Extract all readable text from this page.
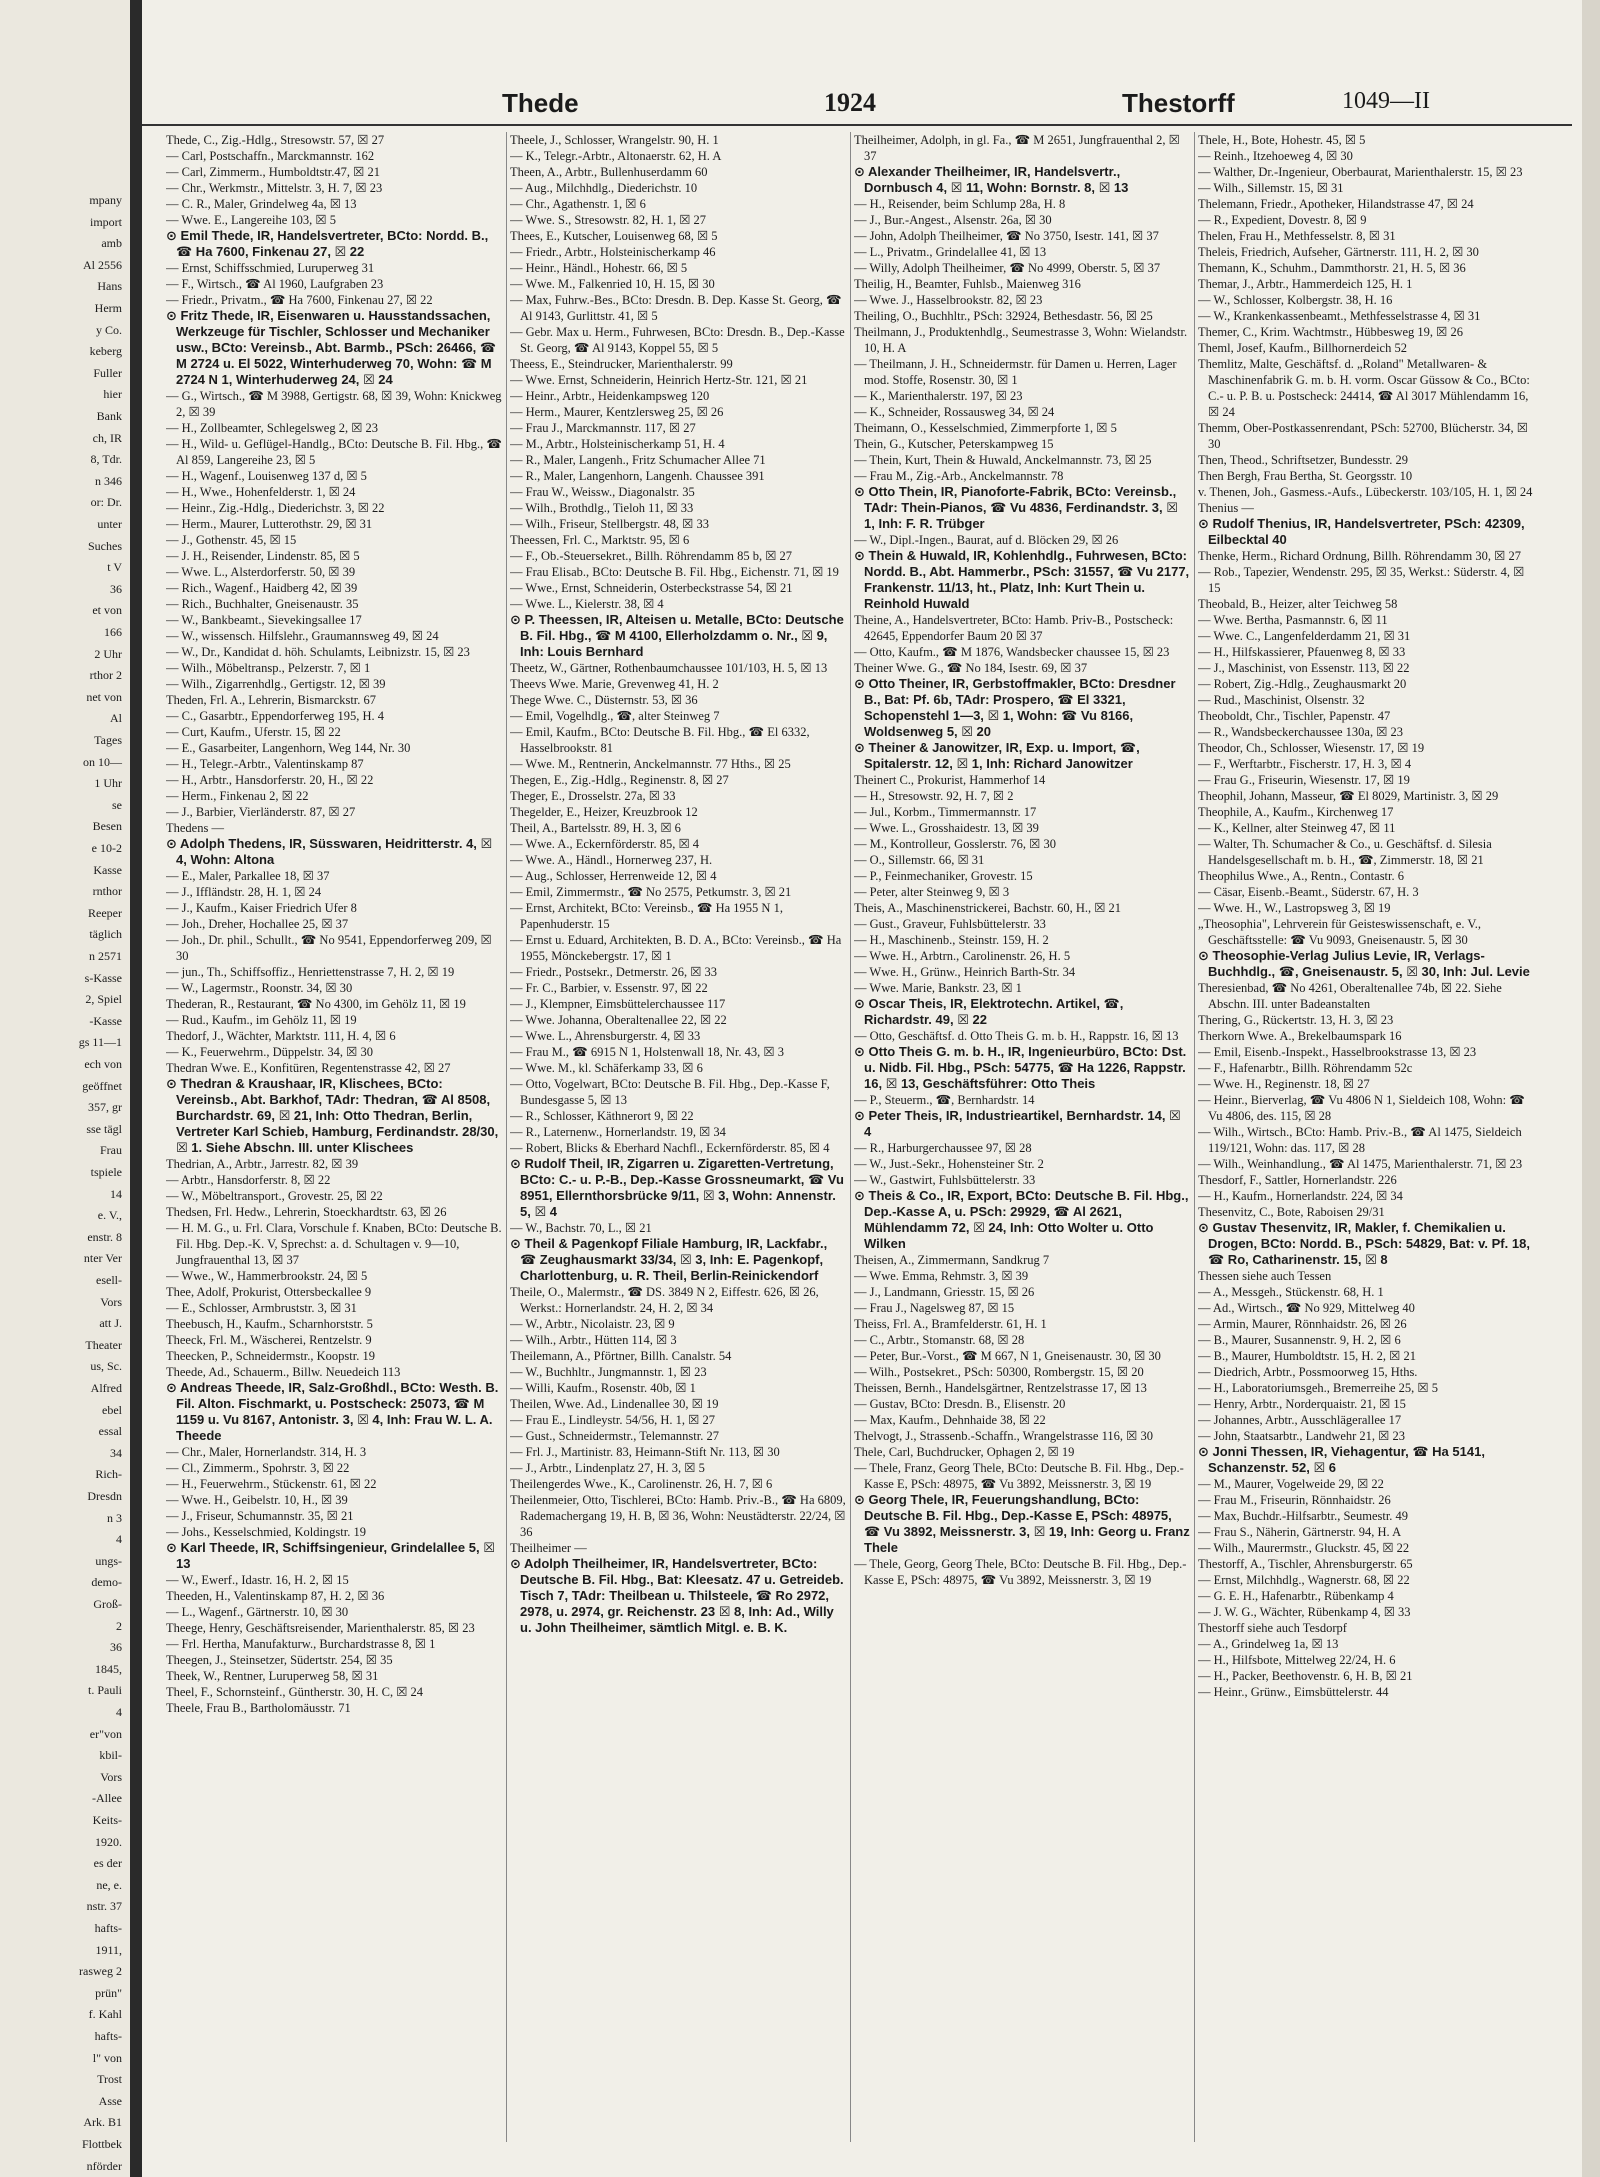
mpany
import
amb
Al 2556
Hans
Herm
y Co.
keberg
Fuller
hier
Bank
ch, IR
8, Tdr.
n 346
or: Dr.
unter
Suches
t V
36
et von
166
2 Uhr
rthor 2
net von
Al
Tages
on 10—
1 Uhr
se
Besen
e 10-2
Kasse
rnthor
Reeper
täglich
n 2571
s-Kasse
2, Spiel
-Kasse
gs 11—1
ech von
geöffnet
357, gr
sse tägl
Frau
tspiele
14
e. V.,
enstr. 8
nter Ver
esell-
Vors
att J.
Theater
us, Sc.
Alfred
ebel
essal
34
Rich-
Dresdn
n 3
4
ungs-
demo-
Groß-
2
36
1845,
t. Pauli
4
er"von
kbil-
Vors
-Allee
Keits-
1920.
es der
ne, e.
nstr. 37
hafts-
1911,
rasweg 2
prün"
f. Kahl
hafts-
l" von
Trost
Asse
Ark. B1
Flottbek
nförder
Thede	1924	Thestorff	1049—II

Thede, C., Zig.-Hdlg., Stresowstr. 57, ☒ 27

— Carl, Postschaffn., Marckmannstr. 162

— Carl, Zimmerm., Humboldtstr.47, ☒ 21

— Chr., Werkmstr., Mittelstr. 3, H. 7, ☒ 23

— C. R., Maler, Grindelweg 4a, ☒ 13

— Wwe. E., Langereihe 103, ☒ 5

⊙ Emil Thede, IR, Handelsvertreter, BCto: Nordd. B., ☎ Ha 7600, Finkenau 27, ☒ 22

— Ernst, Schiffsschmied, Luruperweg 31

— F., Wirtsch., ☎ Al 1960, Laufgraben 23

— Friedr., Privatm., ☎ Ha 7600, Finkenau 27, ☒ 22

⊙ Fritz Thede, IR, Eisenwaren u. Hausstandssachen, Werkzeuge für Tischler, Schlosser und Mechaniker usw., BCto: Vereinsb., Abt. Barmb., PSch: 26466, ☎ M 2724 u. El 5022, Winterhuderweg 70, Wohn: ☎ M 2724 N 1, Winterhuderweg 24, ☒ 24

— G., Wirtsch., ☎ M 3988, Gertigstr. 68, ☒ 39, Wohn: Knickweg 2, ☒ 39

— H., Zollbeamter, Schlegelsweg 2, ☒ 23

— H., Wild- u. Geflügel-Handlg., BCto: Deutsche B. Fil. Hbg., ☎ Al 859, Langereihe 23, ☒ 5

— H., Wagenf., Louisenweg 137 d, ☒ 5

— H., Wwe., Hohenfelderstr. 1, ☒ 24

— Heinr., Zig.-Hdlg., Diederichstr. 3, ☒ 22

— Herm., Maurer, Lutterothstr. 29, ☒ 31

— J., Gothenstr. 45, ☒ 15

— J. H., Reisender, Lindenstr. 85, ☒ 5

— Wwe. L., Alsterdorferstr. 50, ☒ 39

— Rich., Wagenf., Haidberg 42, ☒ 39

— Rich., Buchhalter, Gneisenaustr. 35

— W., Bankbeamt., Sievekingsallee 17

— W., wissensch. Hilfslehr., Graumannsweg 49, ☒ 24

— W., Dr., Kandidat d. höh. Schulamts, Leibnizstr. 15, ☒ 23

— Wilh., Möbeltransp., Pelzerstr. 7, ☒ 1

— Wilh., Zigarrenhdlg., Gertigstr. 12, ☒ 39

Theden, Frl. A., Lehrerin, Bismarckstr. 67

— C., Gasarbtr., Eppendorferweg 195, H. 4

— Curt, Kaufm., Uferstr. 15, ☒ 22

— E., Gasarbeiter, Langenhorn, Weg 144, Nr. 30

— H., Telegr.-Arbtr., Valentinskamp 87

— H., Arbtr., Hansdorferstr. 20, H., ☒ 22

— Herm., Finkenau 2, ☒ 22

— J., Barbier, Vierländerstr. 87, ☒ 27

Thedens —

⊙ Adolph Thedens, IR, Süsswaren, Heidritterstr. 4, ☒ 4, Wohn: Altona

— E., Maler, Parkallee 18, ☒ 37

— J., Iffländstr. 28, H. 1, ☒ 24

— J., Kaufm., Kaiser Friedrich Ufer 8

— Joh., Dreher, Hochallee 25, ☒ 37

— Joh., Dr. phil., Schullt., ☎ No 9541, Eppendorferweg 209, ☒ 30

— jun., Th., Schiffsoffiz., Henriettenstrasse 7, H. 2, ☒ 19

— W., Lagermstr., Roonstr. 34, ☒ 30

Thederan, R., Restaurant, ☎ No 4300, im Gehölz 11, ☒ 19

— Rud., Kaufm., im Gehölz 11, ☒ 19

Thedorf, J., Wächter, Marktstr. 111, H. 4, ☒ 6

— K., Feuerwehrm., Düppelstr. 34, ☒ 30

Thedran Wwe. E., Konfitüren, Regentenstrasse 42, ☒ 27

⊙ Thedran & Kraushaar, IR, Klischees, BCto: Vereinsb., Abt. Barkhof, TAdr: Thedran, ☎ Al 8508, Burchardstr. 69, ☒ 21, Inh: Otto Thedran, Berlin, Vertreter Karl Schieb, Hamburg, Ferdinandstr. 28/30, ☒ 1. Siehe Abschn. III. unter Klischees

Thedrian, A., Arbtr., Jarrestr. 82, ☒ 39

— Arbtr., Hansdorferstr. 8, ☒ 22

— W., Möbeltransport., Grovestr. 25, ☒ 22

Thedsen, Frl. Hedw., Lehrerin, Stoeckhardtstr. 63, ☒ 26

— H. M. G., u. Frl. Clara, Vorschule f. Knaben, BCto: Deutsche B. Fil. Hbg. Dep.-K. V, Sprechst: a. d. Schultagen v. 9—10, Jungfrauenthal 13, ☒ 37

— Wwe., W., Hammerbrookstr. 24, ☒ 5

Thee, Adolf, Prokurist, Ottersbeckallee 9

— E., Schlosser, Armbruststr. 3, ☒ 31

Theebusch, H., Kaufm., Scharnhorststr. 5

Theeck, Frl. M., Wäscherei, Rentzelstr. 9

Theecken, P., Schneidermstr., Koopstr. 19

Theede, Ad., Schauerm., Billw. Neuedeich 113

⊙ Andreas Theede, IR, Salz-Großhdl., BCto: Westh. B. Fil. Alton. Fischmarkt, u. Postscheck: 25073, ☎ M 1159 u. Vu 8167, Antonistr. 3, ☒ 4, Inh: Frau W. L. A. Theede

— Chr., Maler, Hornerlandstr. 314, H. 3

— Cl., Zimmerm., Spohrstr. 3, ☒ 22

— H., Feuerwehrm., Stückenstr. 61, ☒ 22

— Wwe. H., Geibelstr. 10, H., ☒ 39

— J., Friseur, Schumannstr. 35, ☒ 21

— Johs., Kesselschmied, Koldingstr. 19

⊙ Karl Theede, IR, Schiffsingenieur, Grindelallee 5, ☒ 13

— W., Ewerf., Idastr. 16, H. 2, ☒ 15

Theeden, H., Valentinskamp 87, H. 2, ☒ 36

— L., Wagenf., Gärtnerstr. 10, ☒ 30

Theege, Henry, Geschäftsreisender, Marienthalerstr. 85, ☒ 23

— Frl. Hertha, Manufakturw., Burchardstrasse 8, ☒ 1

Theegen, J., Steinsetzer, Südertstr. 254, ☒ 35

Theek, W., Rentner, Luruperweg 58, ☒ 31

Theel, F., Schornsteinf., Güntherstr. 30, H. C, ☒ 24

Theele, Frau B., Bartholomäusstr. 71

Theele, J., Schlosser, Wrangelstr. 90, H. 1

— K., Telegr.-Arbtr., Altonaerstr. 62, H. A

Theen, A., Arbtr., Bullenhuserdamm 60

— Aug., Milchhdlg., Diederichstr. 10

— Chr., Agathenstr. 1, ☒ 6

— Wwe. S., Stresowstr. 82, H. 1, ☒ 27

Thees, E., Kutscher, Louisenweg 68, ☒ 5

— Friedr., Arbtr., Holsteinischerkamp 46

— Heinr., Händl., Hohestr. 66, ☒ 5

— Wwe. M., Falkenried 10, H. 15, ☒ 30

— Max, Fuhrw.-Bes., BCto: Dresdn. B. Dep. Kasse St. Georg, ☎ Al 9143, Gurlittstr. 41, ☒ 5

— Gebr. Max u. Herm., Fuhrwesen, BCto: Dresdn. B., Dep.-Kasse St. Georg, ☎ Al 9143, Koppel 55, ☒ 5

Theess, E., Steindrucker, Marienthalerstr. 99

— Wwe. Ernst, Schneiderin, Heinrich Hertz-Str. 121, ☒ 21

— Heinr., Arbtr., Heidenkampsweg 120

— Herm., Maurer, Kentzlersweg 25, ☒ 26

— Frau J., Marckmannstr. 117, ☒ 27

— M., Arbtr., Holsteinischerkamp 51, H. 4

— R., Maler, Langenh., Fritz Schumacher Allee 71

— R., Maler, Langenhorn, Langenh. Chaussee 391

— Frau W., Weissw., Diagonalstr. 35

— Wilh., Brothdlg., Tieloh 11, ☒ 33

— Wilh., Friseur, Stellbergstr. 48, ☒ 33

Theessen, Frl. C., Marktstr. 95, ☒ 6

— F., Ob.-Steuersekret., Billh. Röhrendamm 85 b, ☒ 27

— Frau Elisab., BCto: Deutsche B. Fil. Hbg., Eichenstr. 71, ☒ 19

— Wwe., Ernst, Schneiderin, Osterbeckstrasse 54, ☒ 21

— Wwe. L., Kielerstr. 38, ☒ 4

⊙ P. Theessen, IR, Alteisen u. Metalle, BCto: Deutsche B. Fil. Hbg., ☎ M 4100, Ellerholzdamm o. Nr., ☒ 9, Inh: Louis Bernhard

Theetz, W., Gärtner, Rothenbaumchaussee 101/103, H. 5, ☒ 13

Theevs Wwe. Marie, Grevenweg 41, H. 2

Thege Wwe. C., Düsternstr. 53, ☒ 36

— Emil, Vogelhdlg., ☎, alter Steinweg 7

— Emil, Kaufm., BCto: Deutsche B. Fil. Hbg., ☎ El 6332, Hasselbrookstr. 81

— Wwe. M., Rentnerin, Anckelmannstr. 77 Hths., ☒ 25

Thegen, E., Zig.-Hdlg., Reginenstr. 8, ☒ 27

Theger, E., Drosselstr. 27a, ☒ 33

Thegelder, E., Heizer, Kreuzbrook 12

Theil, A., Bartelsstr. 89, H. 3, ☒ 6

— Wwe. A., Eckernförderstr. 85, ☒ 4

— Wwe. A., Händl., Hornerweg 237, H.

— Aug., Schlosser, Herrenweide 12, ☒ 4

— Emil, Zimmermstr., ☎ No 2575, Petkumstr. 3, ☒ 21

— Ernst, Architekt, BCto: Vereinsb., ☎ Ha 1955 N 1, Papenhuderstr. 15

— Ernst u. Eduard, Architekten, B. D. A., BCto: Vereinsb., ☎ Ha 1955, Mönckebergstr. 17, ☒ 1

— Friedr., Postsekr., Detmerstr. 26, ☒ 33

— Fr. C., Barbier, v. Essenstr. 97, ☒ 22

— J., Klempner, Eimsbüttelerchaussee 117

— Wwe. Johanna, Oberaltenallee 22, ☒ 22

— Wwe. L., Ahrensburgerstr. 4, ☒ 33

— Frau M., ☎ 6915 N 1, Holstenwall 18, Nr. 43, ☒ 3

— Wwe. M., kl. Schäferkamp 33, ☒ 6

— Otto, Vogelwart, BCto: Deutsche B. Fil. Hbg., Dep.-Kasse F, Bundesgasse 5, ☒ 13

— R., Schlosser, Käthnerort 9, ☒ 22

— R., Laternenw., Hornerlandstr. 19, ☒ 34

— Robert, Blicks & Eberhard Nachfl., Eckernförderstr. 85, ☒ 4

⊙ Rudolf Theil, IR, Zigarren u. Zigaretten-Vertretung, BCto: C.- u. P.-B., Dep.-Kasse Grossneumarkt, ☎ Vu 8951, Ellernthorsbrücke 9/11, ☒ 3, Wohn: Annenstr. 5, ☒ 4

— W., Bachstr. 70, L., ☒ 21

⊙ Theil & Pagenkopf Filiale Hamburg, IR, Lackfabr., ☎ Zeughausmarkt 33/34, ☒ 3, Inh: E. Pagenkopf, Charlottenburg, u. R. Theil, Berlin-Reinickendorf

Theile, O., Malermstr., ☎ DS. 3849 N 2, Eiffestr. 626, ☒ 26, Werkst.: Hornerlandstr. 24, H. 2, ☒ 34

— W., Arbtr., Nicolaistr. 23, ☒ 9

— Wilh., Arbtr., Hütten 114, ☒ 3

Theilemann, A., Pförtner, Billh. Canalstr. 54

— W., Buchhltr., Jungmannstr. 1, ☒ 23

— Willi, Kaufm., Rosenstr. 40b, ☒ 1

Theilen, Wwe. Ad., Lindenallee 30, ☒ 19

— Frau E., Lindleystr. 54/56, H. 1, ☒ 27

— Gust., Schneidermstr., Telemannstr. 27

— Frl. J., Martinistr. 83, Heimann-Stift Nr. 113, ☒ 30

— J., Arbtr., Lindenplatz 27, H. 3, ☒ 5

Theilengerdes Wwe., K., Carolinenstr. 26, H. 7, ☒ 6

Theilenmeier, Otto, Tischlerei, BCto: Hamb. Priv.-B., ☎ Ha 6809, Rademachergang 19, H. B, ☒ 36, Wohn: Neustädterstr. 22/24, ☒ 36

Theilheimer —

⊙ Adolph Theilheimer, IR, Handelsvertreter, BCto: Deutsche B. Fil. Hbg., Bat: Kleesatz. 47 u. Getreideb. Tisch 7, TAdr: Theilbean u. Thilsteele, ☎ Ro 2972, 2978, u. 2974, gr. Reichenstr. 23 ☒ 8, Inh: Ad., Willy u. John Theilheimer, sämtlich Mitgl. e. B. K.

Theilheimer, Adolph, in gl. Fa., ☎ M 2651, Jungfrauenthal 2, ☒ 37

⊙ Alexander Theilheimer, IR, Handelsvertr., Dornbusch 4, ☒ 11, Wohn: Bornstr. 8, ☒ 13

— H., Reisender, beim Schlump 28a, H. 8

— J., Bur.-Angest., Alsenstr. 26a, ☒ 30

— John, Adolph Theilheimer, ☎ No 3750, Isestr. 141, ☒ 37

— L., Privatm., Grindelallee 41, ☒ 13

— Willy, Adolph Theilheimer, ☎ No 4999, Oberstr. 5, ☒ 37

Theilig, H., Beamter, Fuhlsb., Maienweg 316

— Wwe. J., Hasselbrookstr. 82, ☒ 23

Theiling, O., Buchhltr., PSch: 32924, Bethesdastr. 56, ☒ 25

Theilmann, J., Produktenhdlg., Seumestrasse 3, Wohn: Wielandstr. 10, H. A

— Theilmann, J. H., Schneidermstr. für Damen u. Herren, Lager mod. Stoffe, Rosenstr. 30, ☒ 1

— K., Marienthalerstr. 197, ☒ 23

— K., Schneider, Rossausweg 34, ☒ 24

Theimann, O., Kesselschmied, Zimmerpforte 1, ☒ 5

Thein, G., Kutscher, Peterskampweg 15

— Thein, Kurt, Thein & Huwald, Anckelmannstr. 73, ☒ 25

— Frau M., Zig.-Arb., Anckelmannstr. 78

⊙ Otto Thein, IR, Pianoforte-Fabrik, BCto: Vereinsb., TAdr: Thein-Pianos, ☎ Vu 4836, Ferdinandstr. 3, ☒ 1, Inh: F. R. Trübger

— W., Dipl.-Ingen., Baurat, auf d. Blöcken 29, ☒ 26

⊙ Thein & Huwald, IR, Kohlenhdlg., Fuhrwesen, BCto: Nordd. B., Abt. Hammerbr., PSch: 31557, ☎ Vu 2177, Frankenstr. 11/13, ht., Platz, Inh: Kurt Thein u. Reinhold Huwald

Theine, A., Handelsvertreter, BCto: Hamb. Priv-B., Postscheck: 42645, Eppendorfer Baum 20 ☒ 37

— Otto, Kaufm., ☎ M 1876, Wandsbecker chaussee 15, ☒ 23

Theiner Wwe. G., ☎ No 184, Isestr. 69, ☒ 37

⊙ Otto Theiner, IR, Gerbstoffmakler, BCto: Dresdner B., Bat: Pf. 6b, TAdr: Prospero, ☎ El 3321, Schopenstehl 1—3, ☒ 1, Wohn: ☎ Vu 8166, Woldsenweg 5, ☒ 20

⊙ Theiner & Janowitzer, IR, Exp. u. Import, ☎, Spitalerstr. 12, ☒ 1, Inh: Richard Janowitzer

Theinert C., Prokurist, Hammerhof 14

— H., Stresowstr. 92, H. 7, ☒ 2

— Jul., Korbm., Timmermannstr. 17

— Wwe. L., Grosshaidestr. 13, ☒ 39

— M., Kontrolleur, Gosslerstr. 76, ☒ 30

— O., Sillemstr. 66, ☒ 31

— P., Feinmechaniker, Grovestr. 15

— Peter, alter Steinweg 9, ☒ 3

Theis, A., Maschinenstrickerei, Bachstr. 60, H., ☒ 21

— Gust., Graveur, Fuhlsbüttelerstr. 33

— H., Maschinenb., Steinstr. 159, H. 2

— Wwe. H., Arbtrn., Carolinenstr. 26, H. 5

— Wwe. H., Grünw., Heinrich Barth-Str. 34

— Wwe. Marie, Bankstr. 23, ☒ 1

⊙ Oscar Theis, IR, Elektrotechn. Artikel, ☎, Richardstr. 49, ☒ 22

— Otto, Geschäftsf. d. Otto Theis G. m. b. H., Rappstr. 16, ☒ 13

⊙ Otto Theis G. m. b. H., IR, Ingenieurbüro, BCto: Dst. u. Nidb. Fil. Hbg., PSch: 54775, ☎ Ha 1226, Rappstr. 16, ☒ 13, Geschäftsführer: Otto Theis

— P., Steuerm., ☎, Bernhardstr. 14

⊙ Peter Theis, IR, Industrieartikel, Bernhardstr. 14, ☒ 4

— R., Harburgerchaussee 97, ☒ 28

— W., Just.-Sekr., Hohensteiner Str. 2

— W., Gastwirt, Fuhlsbüttelerstr. 33

⊙ Theis & Co., IR, Export, BCto: Deutsche B. Fil. Hbg., Dep.-Kasse A, u. PSch: 29929, ☎ Al 2621, Mühlendamm 72, ☒ 24, Inh: Otto Wolter u. Otto Wilken

Theisen, A., Zimmermann, Sandkrug 7

— Wwe. Emma, Rehmstr. 3, ☒ 39

— J., Landmann, Griesstr. 15, ☒ 26

— Frau J., Nagelsweg 87, ☒ 15

Theiss, Frl. A., Bramfelderstr. 61, H. 1

— C., Arbtr., Stomanstr. 68, ☒ 28

— Peter, Bur.-Vorst., ☎ M 667, N 1, Gneisenaustr. 30, ☒ 30

— Wilh., Postsekret., PSch: 50300, Rombergstr. 15, ☒ 20

Theissen, Bernh., Handelsgärtner, Rentzelstrasse 17, ☒ 13

— Gustav, BCto: Dresdn. B., Elisenstr. 20

— Max, Kaufm., Dehnhaide 38, ☒ 22

Thelvogt, J., Strassenb.-Schaffn., Wrangelstrasse 116, ☒ 30

Thele, Carl, Buchdrucker, Ophagen 2, ☒ 19

— Thele, Franz, Georg Thele, BCto: Deutsche B. Fil. Hbg., Dep.-Kasse E, PSch: 48975, ☎ Vu 3892, Meissnerstr. 3, ☒ 19

⊙ Georg Thele, IR, Feuerungshandlung, BCto: Deutsche B. Fil. Hbg., Dep.-Kasse E, PSch: 48975, ☎ Vu 3892, Meissnerstr. 3, ☒ 19, Inh: Georg u. Franz Thele

— Thele, Georg, Georg Thele, BCto: Deutsche B. Fil. Hbg., Dep.-Kasse E, PSch: 48975, ☎ Vu 3892, Meissnerstr. 3, ☒ 19

Thele, H., Bote, Hohestr. 45, ☒ 5

— Reinh., Itzehoeweg 4, ☒ 30

— Walther, Dr.-Ingenieur, Oberbaurat, Marienthalerstr. 15, ☒ 23

— Wilh., Sillemstr. 15, ☒ 31

Thelemann, Friedr., Apotheker, Hilandstrasse 47, ☒ 24

— R., Expedient, Dovestr. 8, ☒ 9

Thelen, Frau H., Methfesselstr. 8, ☒ 31

Theleis, Friedrich, Aufseher, Gärtnerstr. 111, H. 2, ☒ 30

Themann, K., Schuhm., Dammthorstr. 21, H. 5, ☒ 36

Themar, J., Arbtr., Hammerdeich 125, H. 1

— W., Schlosser, Kolbergstr. 38, H. 16

— W., Krankenkassenbeamt., Methfesselstrasse 4, ☒ 31

Themer, C., Krim. Wachtmstr., Hübbesweg 19, ☒ 26

Theml, Josef, Kaufm., Billhornerdeich 52

Themlitz, Malte, Geschäftsf. d. „Roland" Metallwaren- & Maschinenfabrik G. m. b. H. vorm. Oscar Güssow & Co., BCto: C.- u. P. B. u. Postscheck: 24414, ☎ Al 3017 Mühlendamm 16, ☒ 24

Themm, Ober-Postkassenrendant, PSch: 52700, Blücherstr. 34, ☒ 30

Then, Theod., Schriftsetzer, Bundesstr. 29

Then Bergh, Frau Bertha, St. Georgsstr. 10

v. Thenen, Joh., Gasmess.-Aufs., Lübeckerstr. 103/105, H. 1, ☒ 24

Thenius —

⊙ Rudolf Thenius, IR, Handelsvertreter, PSch: 42309, Eilbecktal 40

Thenke, Herm., Richard Ordnung, Billh. Röhrendamm 30, ☒ 27

— Rob., Tapezier, Wendenstr. 295, ☒ 35, Werkst.: Süderstr. 4, ☒ 15

Theobald, B., Heizer, alter Teichweg 58

— Wwe. Bertha, Pasmannstr. 6, ☒ 11

— Wwe. C., Langenfelderdamm 21, ☒ 31

— H., Hilfskassierer, Pfauenweg 8, ☒ 33

— J., Maschinist, von Essenstr. 113, ☒ 22

— Robert, Zig.-Hdlg., Zeughausmarkt 20

— Rud., Maschinist, Olsenstr. 32

Theoboldt, Chr., Tischler, Papenstr. 47

— R., Wandsbeckerchaussee 130a, ☒ 23

Theodor, Ch., Schlosser, Wiesenstr. 17, ☒ 19

— F., Werftarbtr., Fischerstr. 17, H. 3, ☒ 4

— Frau G., Friseurin, Wiesenstr. 17, ☒ 19

Theophil, Johann, Masseur, ☎ El 8029, Martinistr. 3, ☒ 29

Theophile, A., Kaufm., Kirchenweg 17

— K., Kellner, alter Steinweg 47, ☒ 11

— Walter, Th. Schumacher & Co., u. Geschäftsf. d. Silesia Handelsgesellschaft m. b. H., ☎, Zimmerstr. 18, ☒ 21

Theophilus Wwe., A., Rentn., Contastr. 6

— Cäsar, Eisenb.-Beamt., Süderstr. 67, H. 3

— Wwe. H., W., Lastropsweg 3, ☒ 19

„Theosophia", Lehrverein für Geisteswissenschaft, e. V., Geschäftsstelle: ☎ Vu 9093, Gneisenaustr. 5, ☒ 30

⊙ Theosophie-Verlag Julius Levie, IR, Verlags-Buchhdlg., ☎, Gneisenaustr. 5, ☒ 30, Inh: Jul. Levie

Theresienbad, ☎ No 4261, Oberaltenallee 74b, ☒ 22. Siehe Abschn. III. unter Badeanstalten

Thering, G., Rückertstr. 13, H. 3, ☒ 23

Therkorn Wwe. A., Brekelbaumspark 16

— Emil, Eisenb.-Inspekt., Hasselbrookstrasse 13, ☒ 23

— F., Hafenarbtr., Billh. Röhrendamm 52c

— Wwe. H., Reginenstr. 18, ☒ 27

— Heinr., Bierverlag, ☎ Vu 4806 N 1, Sieldeich 108, Wohn: ☎ Vu 4806, des. 115, ☒ 28

— Wilh., Wirtsch., BCto: Hamb. Priv.-B., ☎ Al 1475, Sieldeich 119/121, Wohn: das. 117, ☒ 28

— Wilh., Weinhandlung., ☎ Al 1475, Marienthalerstr. 71, ☒ 23

Thesdorf, F., Sattler, Hornerlandstr. 226

— H., Kaufm., Hornerlandstr. 224, ☒ 34

Thesenvitz, C., Bote, Raboisen 29/31

⊙ Gustav Thesenvitz, IR, Makler, f. Chemikalien u. Drogen, BCto: Nordd. B., PSch: 54829, Bat: v. Pf. 18, ☎ Ro, Catharinenstr. 15, ☒ 8

Thessen siehe auch Tessen

— A., Messgeh., Stückenstr. 68, H. 1

— Ad., Wirtsch., ☎ No 929, Mittelweg 40

— Armin, Maurer, Rönnhaidstr. 26, ☒ 26

— B., Maurer, Susannenstr. 9, H. 2, ☒ 6

— B., Maurer, Humboldtstr. 15, H. 2, ☒ 21

— Diedrich, Arbtr., Possmoorweg 15, Hths.

— H., Laboratoriumsgeh., Bremerreihe 25, ☒ 5

— Henry, Arbtr., Norderquaistr. 21, ☒ 15

— Johannes, Arbtr., Ausschlägerallee 17

— John, Staatsarbtr., Landwehr 21, ☒ 23

⊙ Jonni Thessen, IR, Viehagentur, ☎ Ha 5141, Schanzenstr. 52, ☒ 6

— M., Maurer, Vogelweide 29, ☒ 22

— Frau M., Friseurin, Rönnhaidstr. 26

— Max, Buchdr.-Hilfsarbtr., Seumestr. 49

— Frau S., Näherin, Gärtnerstr. 94, H. A

— Wilh., Maurermstr., Gluckstr. 45, ☒ 22

Thestorff, A., Tischler, Ahrensburgerstr. 65

— Ernst, Milchhdlg., Wagnerstr. 68, ☒ 22

— G. E. H., Hafenarbtr., Rübenkamp 4

— J. W. G., Wächter, Rübenkamp 4, ☒ 33

Thestorff siehe auch Tesdorpf

— A., Grindelweg 1a, ☒ 13

— H., Hilfsbote, Mittelweg 22/24, H. 6

— H., Packer, Beethovenstr. 6, H. B, ☒ 21

— Heinr., Grünw., Eimsbüttelerstr. 44
